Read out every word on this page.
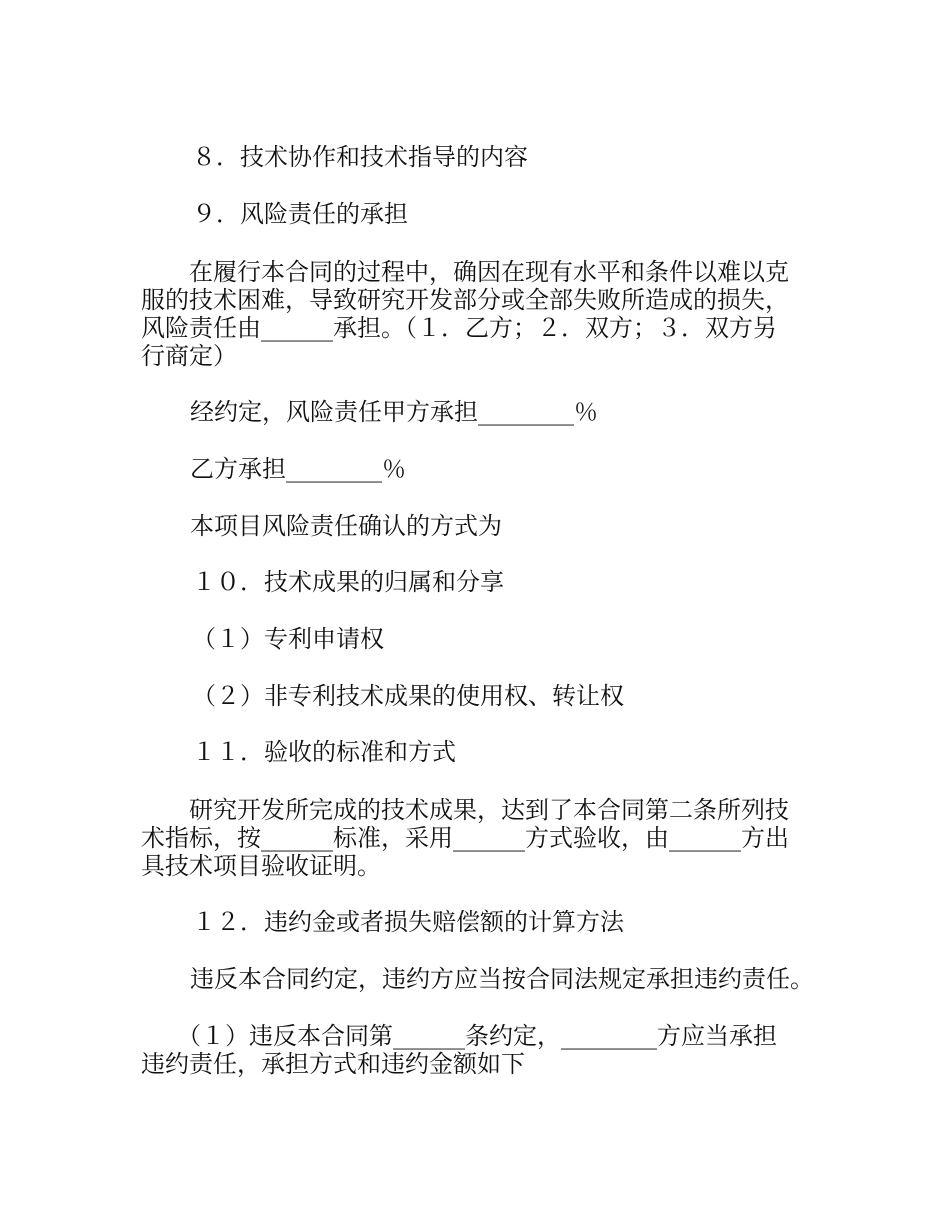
８．技术协作和技术指导的内容
９．风险责任的承担
　　在履行本合同的过程中，确因在现有水平和条件以难以克
服的技术困难，导致研究开发部分或全部失败所造成的损失，
风险责任由______承担。（１．乙方；２．双方；３．双方另
行商定）
经约定，风险责任甲方承担________％
乙方承担________％
本项目风险责任确认的方式为
１０．技术成果的归属和分享
（１）专利申请权
（２）非专利技术成果的使用权、转让权
１１．验收的标准和方式
　　研究开发所完成的技术成果，达到了本合同第二条所列技
术指标，按______标准，采用______方式验收，由______方出
具技术项目验收证明。
１２．违约金或者损失赔偿额的计算方法
违反本合同约定，违约方应当按合同法规定承担违约责任。
　　（１）违反本合同第______条约定，________方应当承担
违约责任，承担方式和违约金额如下
